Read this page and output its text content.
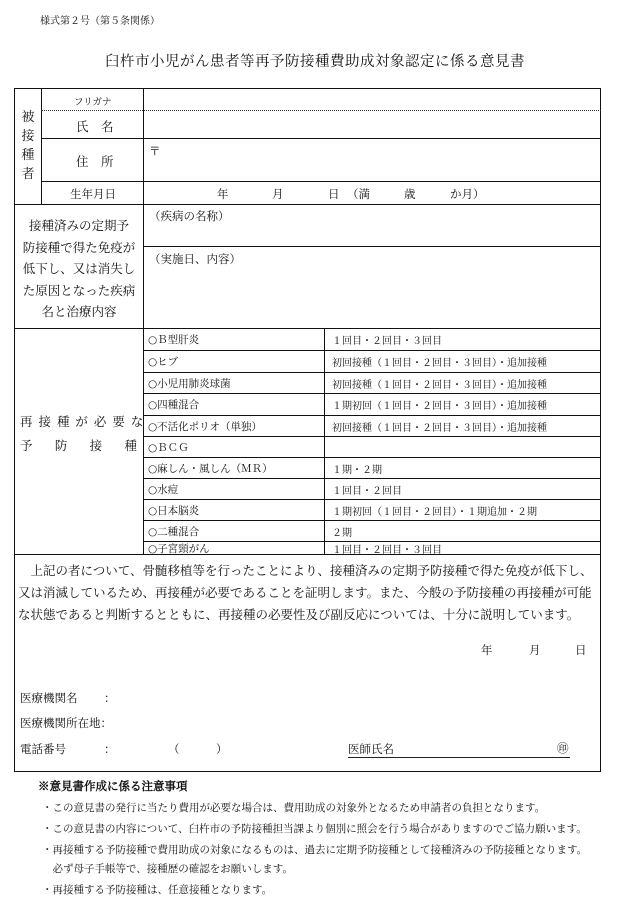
様式第２号（第５条関係）
臼杵市小児がん患者等再予防接種費助成対象認定に係る意見書
被
接
種
者
フリガナ
氏　名
住　所
〒
生年月日	年	月	日 （満	歳	か月）
接種済みの定期予
防接種で得た免疫が
低下し、又は消失し
た原因となった疾病
名と治療内容
（疾病の名称）
（実施日、内容）
再 接 種 が 必 要 な
予　 防　 接　 種
○Ｂ型肝炎	１回目・２回目・３回目
○ヒブ	初回接種（１回目・２回目・３回目）・追加接種
○小児用肺炎球菌	初回接種（１回目・２回目・３回目）・追加接種
○四種混合	１期初回（１回目・２回目・３回目）・追加接種
○不活化ポリオ（単独）	初回接種（１回目・２回目・３回目）・追加接種
○ＢＣＧ
○麻しん・風しん（ＭＲ）	１期・２期
○水痘	１回目・２回目
○日本脳炎	１期初回（１回目・２回目）・１期追加・２期
○二種混合	２期
○子宮頸がん	１回目・２回目・３回目
上記の者について、骨髄移植等を行ったことにより、接種済みの定期予防接種で得た免疫が低下し、又は消滅しているため、再接種が必要であることを証明します。また、今般の予防接種の再接種が可能な状態であると判断するとともに、再接種の必要性及び副反応については、十分に説明しています。
年	月	日
医療機関名 ：
医療機関所在地：
電話番号	：	（	）	医師氏名	㊞
※意見書作成に係る注意事項
・この意見書の発行に当たり費用が必要な場合は、費用助成の対象外となるため申請者の負担となります。
・この意見書の内容について、臼杵市の予防接種担当課より個別に照会を行う場合がありますのでご協力願います。
・再接種する予防接種で費用助成の対象になるものは、過去に定期予防接種として接種済みの予防接種となります。
　必ず母子手帳等で、接種歴の確認をお願いします。
・再接種する予防接種は、任意接種となります。
